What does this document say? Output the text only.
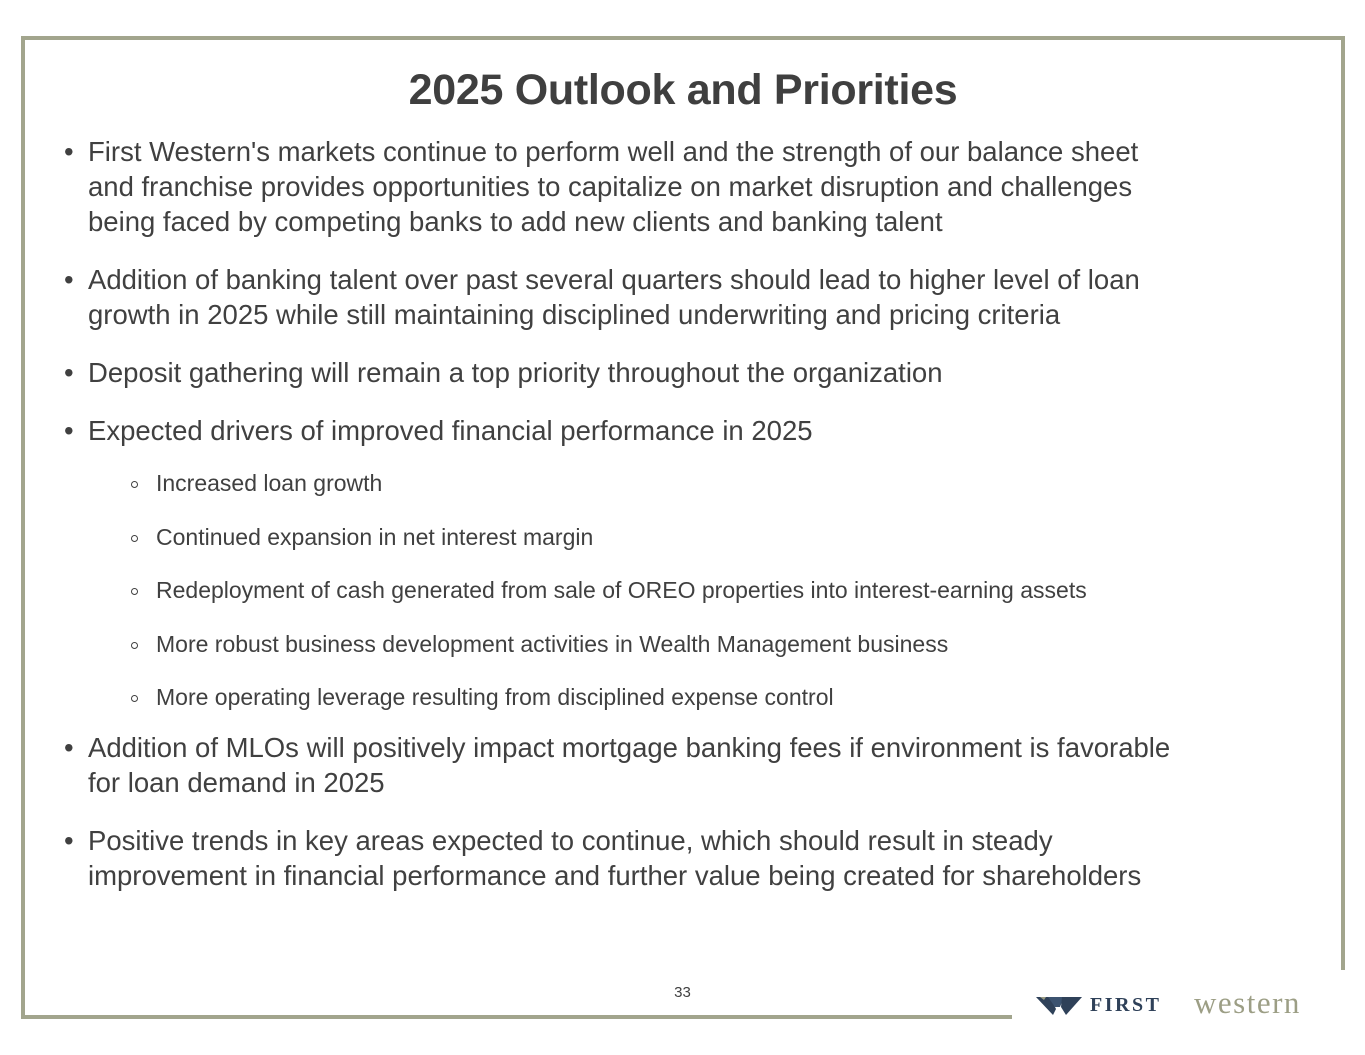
2025 Outlook and Priorities
• First Western's markets continue to perform well and the strength of our balance sheet
and franchise provides opportunities to capitalize on market disruption and challenges
being faced by competing banks to add new clients and banking talent
• Addition of banking talent over past several quarters should lead to higher level of loan
growth in 2025 while still maintaining disciplined underwriting and pricing criteria
• Deposit gathering will remain a top priority throughout the organization
• Expected drivers of improved financial performance in 2025
Increased loan growth
Continued expansion in net interest margin
Redeployment of cash generated from sale of OREO properties into interest-earning assets
More robust business development activities in Wealth Management business
More operating leverage resulting from disciplined expense control
• Addition of MLOs will positively impact mortgage banking fees if environment is favorable
for loan demand in 2025
• Positive trends in key areas expected to continue, which should result in steady
improvement in financial performance and further value being created for shareholders
33
FIRST western
